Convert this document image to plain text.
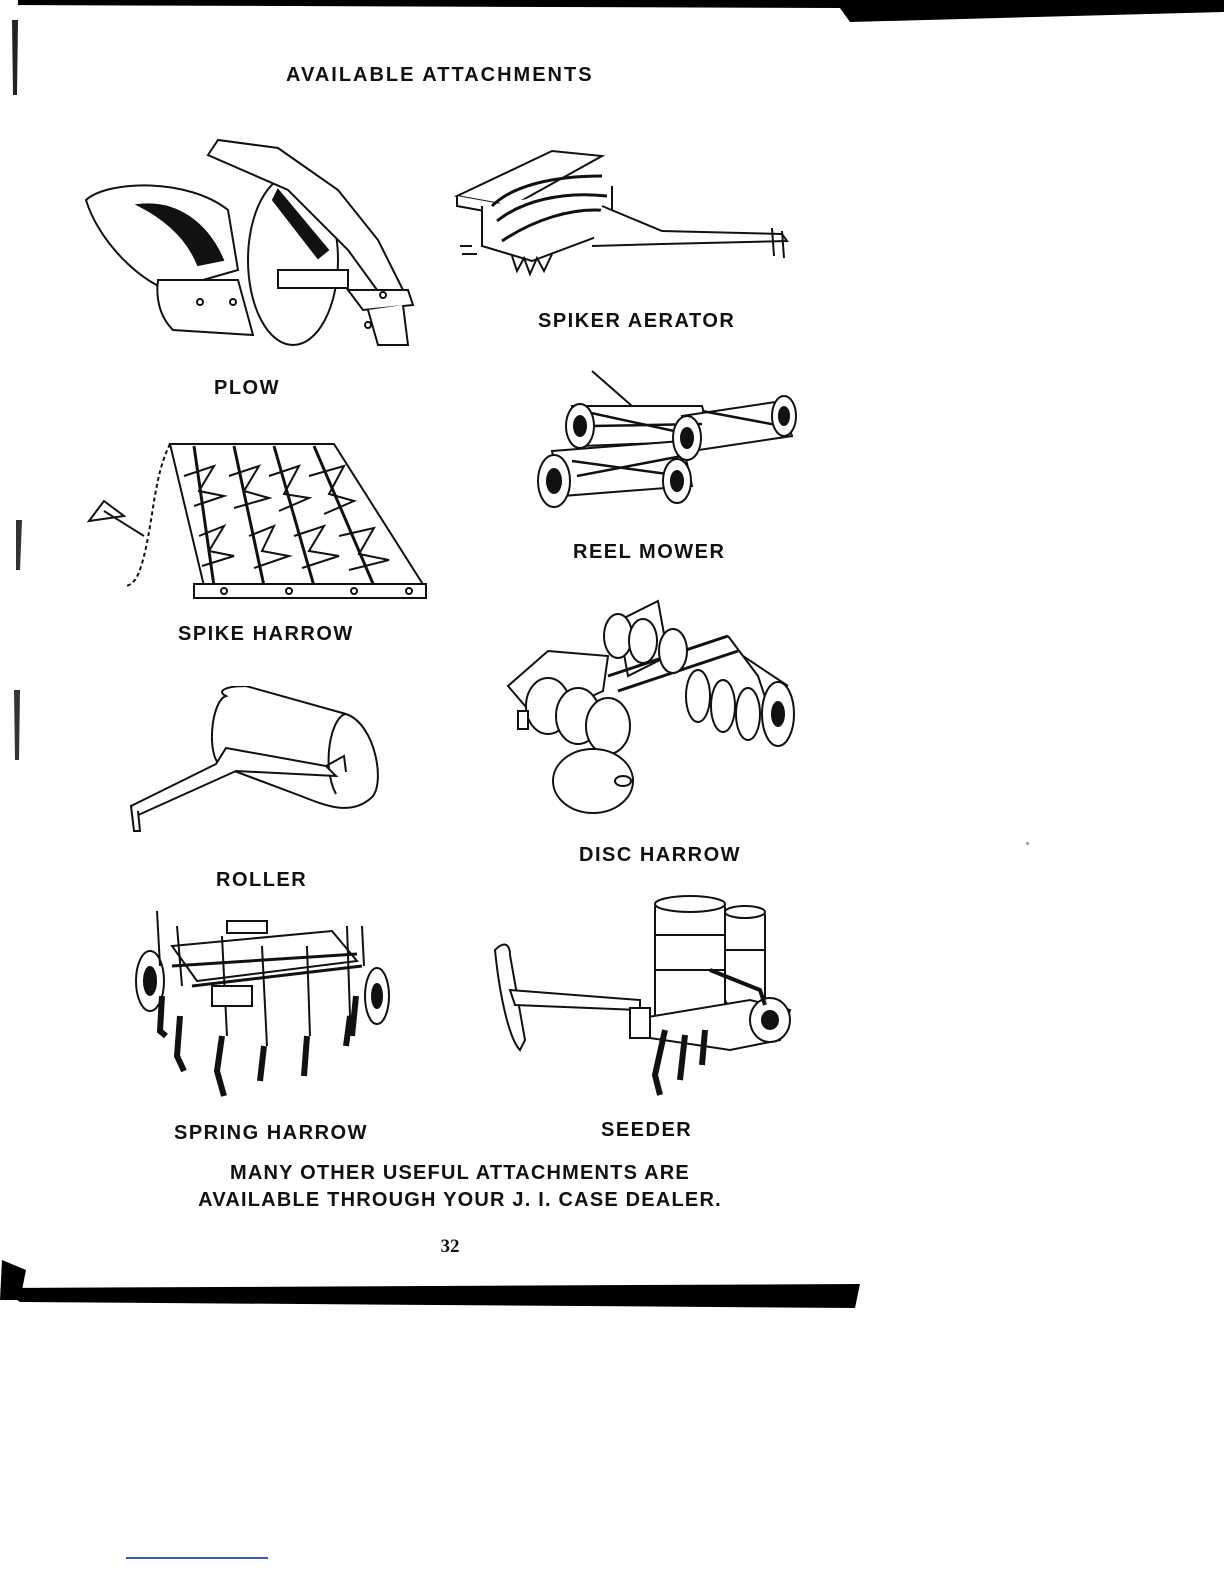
AVAILABLE ATTACHMENTS
PLOW
SPIKER AERATOR
REEL MOWER
SPIKE HARROW
DISC HARROW
ROLLER
SPRING HARROW	SEEDER
MANY OTHER USEFUL ATTACHMENTS ARE
AVAILABLE THROUGH YOUR J. I. CASE DEALER.
32
